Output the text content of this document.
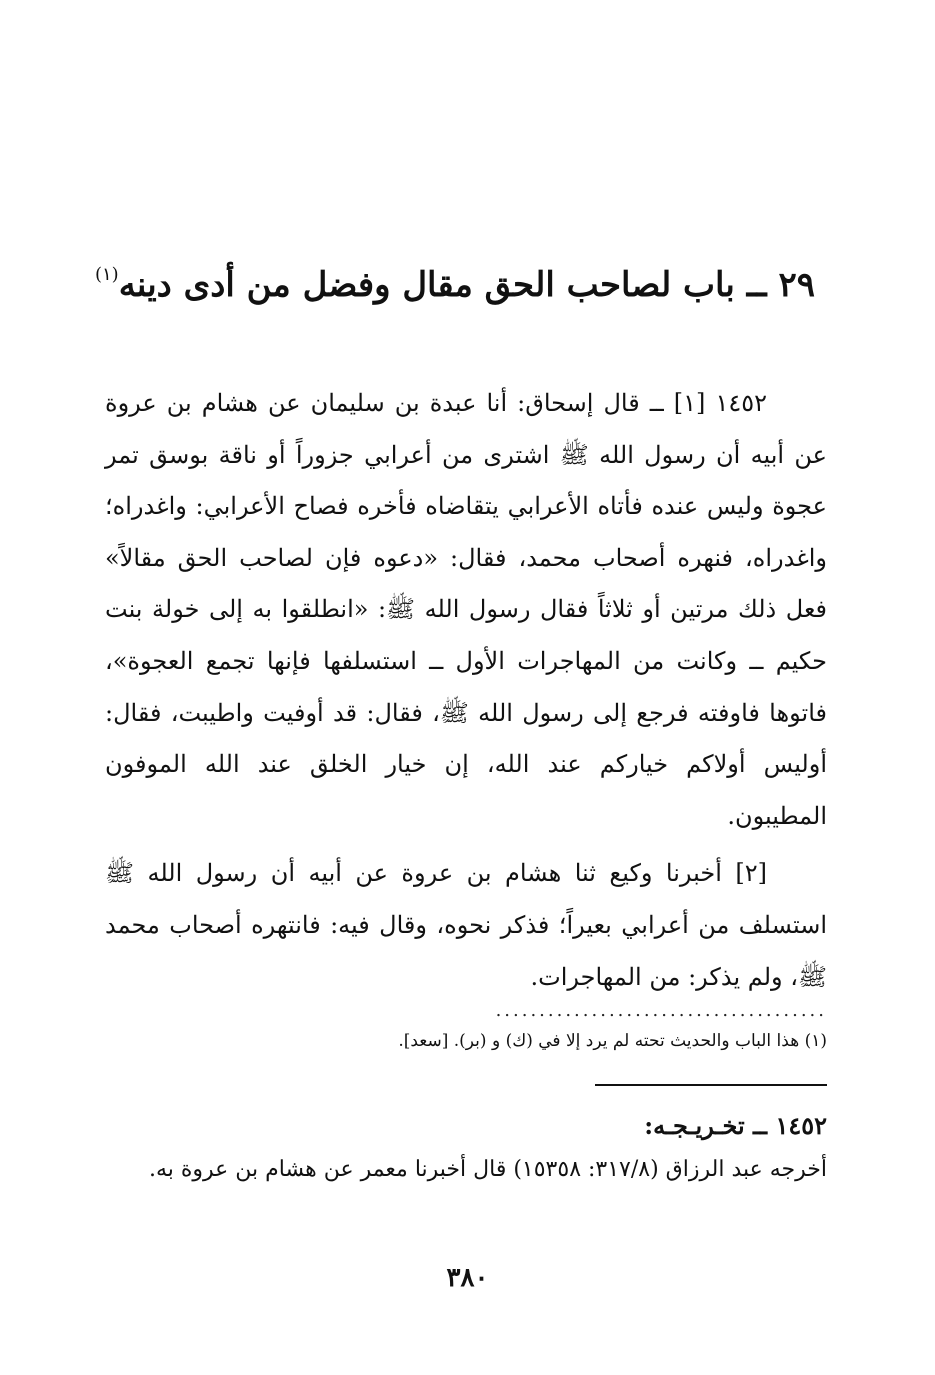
٢٩ ــ باب لصاحب الحق مقال وفضل من أدى دينه$^{(١)}$

١٤٥٢ [١] ــ قال إسحاق: أنا عبدة بن سليمان عن هشام بن عروة عن أبيه أن رسول الله ﷺ اشترى من أعرابي جزوراً أو ناقة بوسق تمر عجوة وليس عنده فأتاه الأعرابي يتقاضاه فأخره فصاح الأعرابي: واغدراه؛ واغدراه، فنهره أصحاب محمد، فقال: «دعوه فإن لصاحب الحق مقالاً» فعل ذلك مرتين أو ثلاثاً فقال رسول الله ﷺ: «انطلقوا به إلى خولة بنت حكيم ــ وكانت من المهاجرات الأول ــ استسلفها فإنها تجمع العجوة»، فاتوها فاوفته فرجع إلى رسول الله ﷺ، فقال: قد أوفيت واطيبت، فقال: أوليس أولاكم خياركم عند الله، إن خيار الخلق عند الله الموفون المطيبون.

[٢] أخبرنا وكيع ثنا هشام بن عروة عن أبيه أن رسول الله ﷺ استسلف من أعرابي بعيراً؛ فذكر نحوه، وقال فيه: فانتهره أصحاب محمد ﷺ، ولم يذكر: من المهاجرات.

......................................
(١) هذا الباب والحديث تحته لم يرد إلا في (ك) و (بر). [سعد].
١٤٥٢ ــ تخـريـجـه:
أخرجه عبد الرزاق (٣١٧/٨: ١٥٣٥٨) قال أخبرنا معمر عن هشام بن عروة به.
٣٨٠
